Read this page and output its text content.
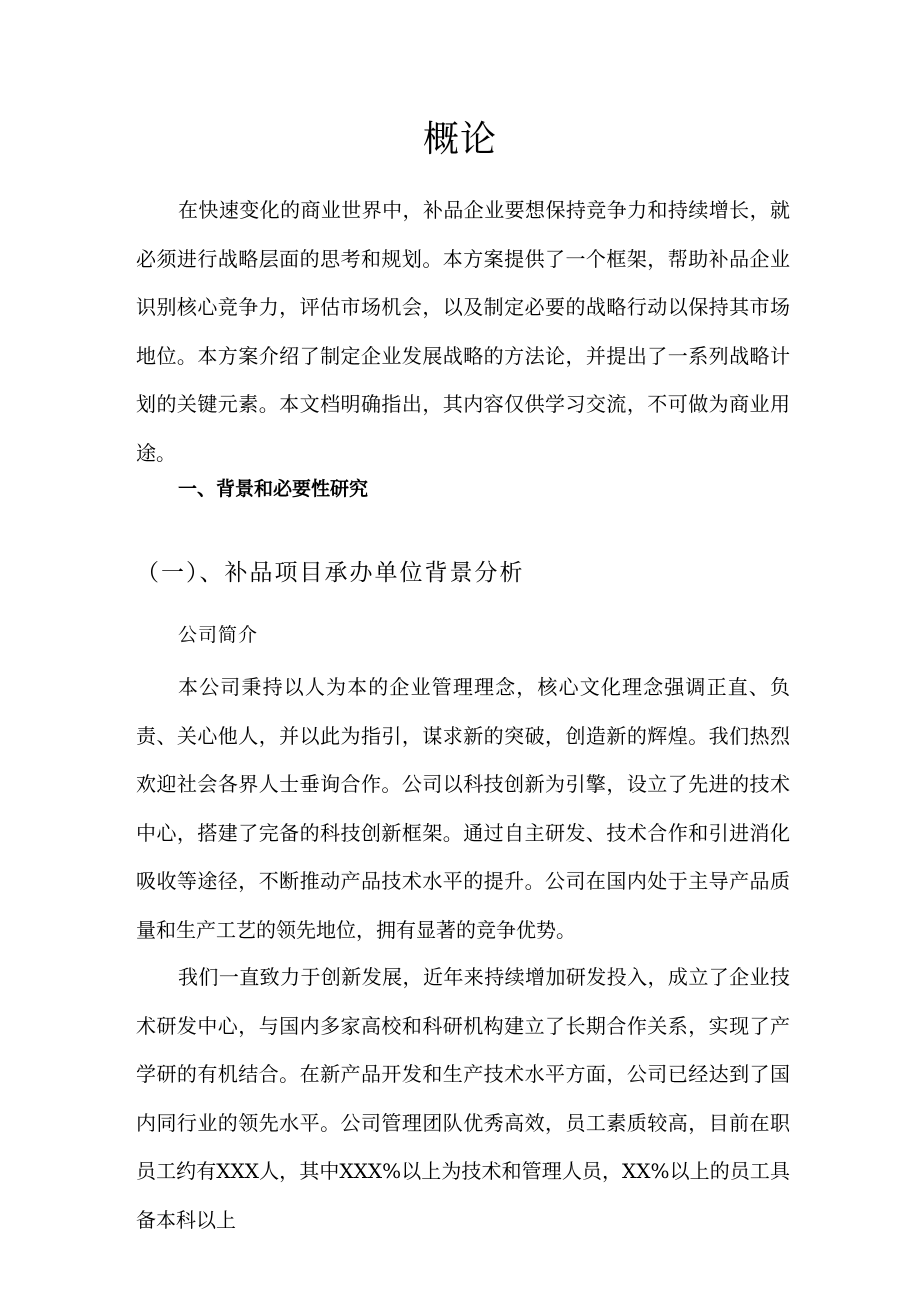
概论

在快速变化的商业世界中，补品企业要想保持竞争力和持续增长，就必须进行战略层面的思考和规划。本方案提供了一个框架，帮助补品企业识别核心竞争力，评估市场机会，以及制定必要的战略行动以保持其市场地位。本方案介绍了制定企业发展战略的方法论，并提出了一系列战略计划的关键元素。本文档明确指出，其内容仅供学习交流，不可做为商业用途。

一、背景和必要性研究
（一）、补品项目承办单位背景分析
公司简介

本公司秉持以人为本的企业管理理念，核心文化理念强调正直、负责、关心他人，并以此为指引，谋求新的突破，创造新的辉煌。我们热烈欢迎社会各界人士垂询合作。公司以科技创新为引擎，设立了先进的技术中心，搭建了完备的科技创新框架。通过自主研发、技术合作和引进消化吸收等途径，不断推动产品技术水平的提升。公司在国内处于主导产品质量和生产工艺的领先地位，拥有显著的竞争优势。

我们一直致力于创新发展，近年来持续增加研发投入，成立了企业技术研发中心，与国内多家高校和科研机构建立了长期合作关系，实现了产学研的有机结合。在新产品开发和生产技术水平方面，公司已经达到了国内同行业的领先水平。公司管理团队优秀高效，员工素质较高，目前在职员工约有XXX人，其中XXX%以上为技术和管理人员，XX%以上的员工具备本科以上
